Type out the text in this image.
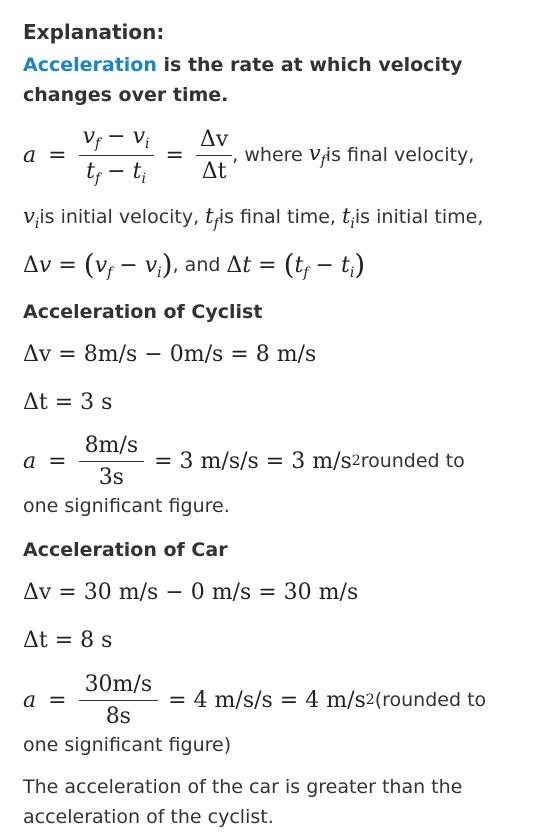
Explanation:
Acceleration is the rate at which velocity
changes over time.
$a = \frac{v_f - v_i}{t_f - t_i} = \frac{\Delta v}{\Delta t}$ , where $v_f$ is final velocity,
$v_i$ is initial velocity, $t_f$ is final time, $t_i$ is initial time,
$\Delta v = (v_f - v_i)$ , and $\Delta t = (t_f - t_i)$
Acceleration of Cyclist
Δv = 8m/s − 0m/s = 8 m/s
Δt = 3 s
$a = \frac{8m/s}{3s} = 3$ m/s/s = 3 m/s 2 rounded to
one significant figure.
Acceleration of Car
Δv = 30 m/s − 0 m/s = 30 m/s
Δt = 8 s
$a = \frac{30m/s}{8s} = 4$ m/s/s = 4 m/s 2 (rounded to
one significant figure)
The acceleration of the car is greater than the
acceleration of the cyclist.
